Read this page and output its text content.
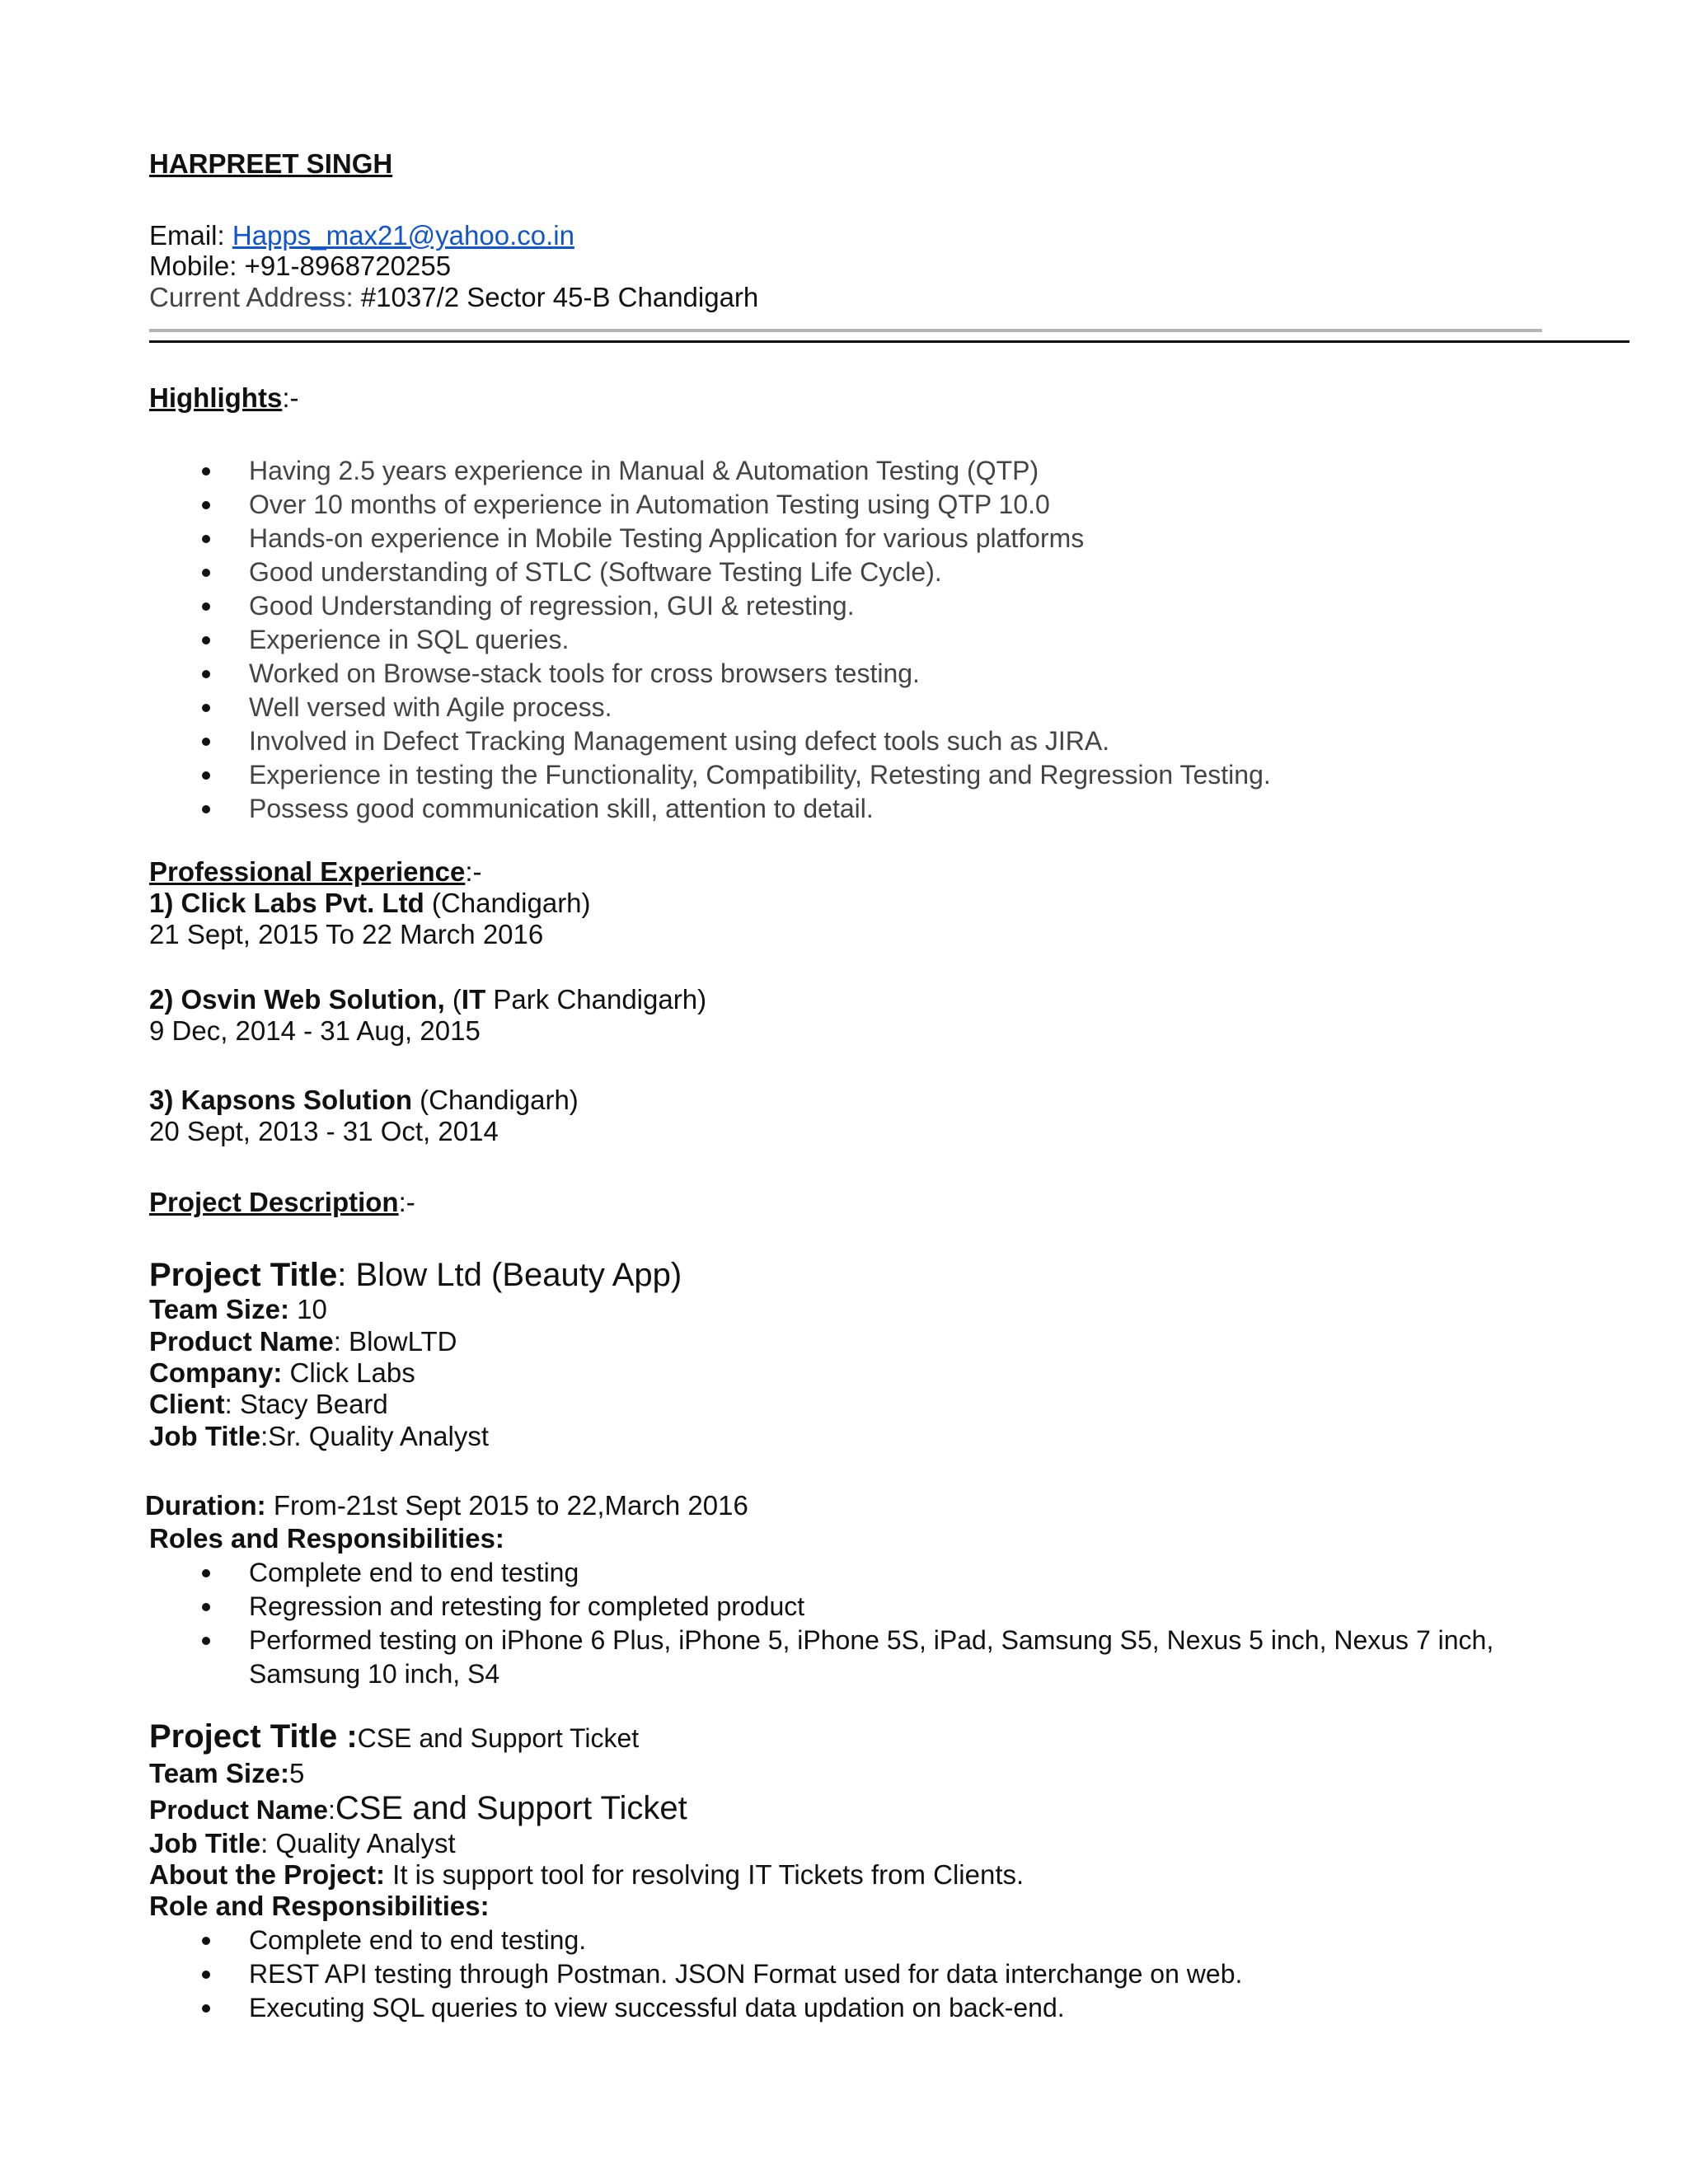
HARPREET SINGH
Email: Happs_max21@yahoo.co.in
Mobile: +91-8968720255
Current Address: #1037/2 Sector 45-B Chandigarh
Highlights:-
Having 2.5 years experience in Manual & Automation Testing (QTP)
Over 10 months of experience in Automation Testing using QTP 10.0
Hands-on experience in Mobile Testing Application for various platforms
Good understanding of STLC (Software Testing Life Cycle).
Good Understanding of regression, GUI & retesting.
Experience in SQL queries.
Worked on Browse-stack tools for cross browsers testing.
Well versed with Agile process.
Involved in Defect Tracking Management using defect tools such as JIRA.
Experience in testing the Functionality, Compatibility, Retesting and Regression Testing.
Possess good communication skill, attention to detail.
Professional Experience:-
1) Click Labs Pvt. Ltd (Chandigarh)
21 Sept, 2015 To 22 March 2016
2) Osvin Web Solution, (IT Park Chandigarh)
9 Dec, 2014 - 31 Aug, 2015
3) Kapsons Solution (Chandigarh)
20 Sept, 2013 - 31 Oct, 2014
Project Description:-
Project Title: Blow Ltd (Beauty App)
Team Size: 10
Product Name: BlowLTD
Company: Click Labs
Client: Stacy Beard
Job Title:Sr. Quality Analyst
Duration: From-21st Sept 2015 to 22,March 2016
Roles and Responsibilities:
Complete end to end testing
Regression and retesting for completed product
Performed testing on iPhone 6 Plus, iPhone 5, iPhone 5S, iPad, Samsung S5, Nexus 5 inch, Nexus 7 inch, Samsung 10 inch, S4
Project Title :CSE and Support Ticket
Team Size:5
Product Name:CSE and Support Ticket
Job Title: Quality Analyst
About the Project: It is support tool for resolving IT Tickets from Clients.
Role and Responsibilities:
Complete end to end testing.
REST API testing through Postman. JSON Format used for data interchange on web.
Executing SQL queries to view successful data updation on back-end.
